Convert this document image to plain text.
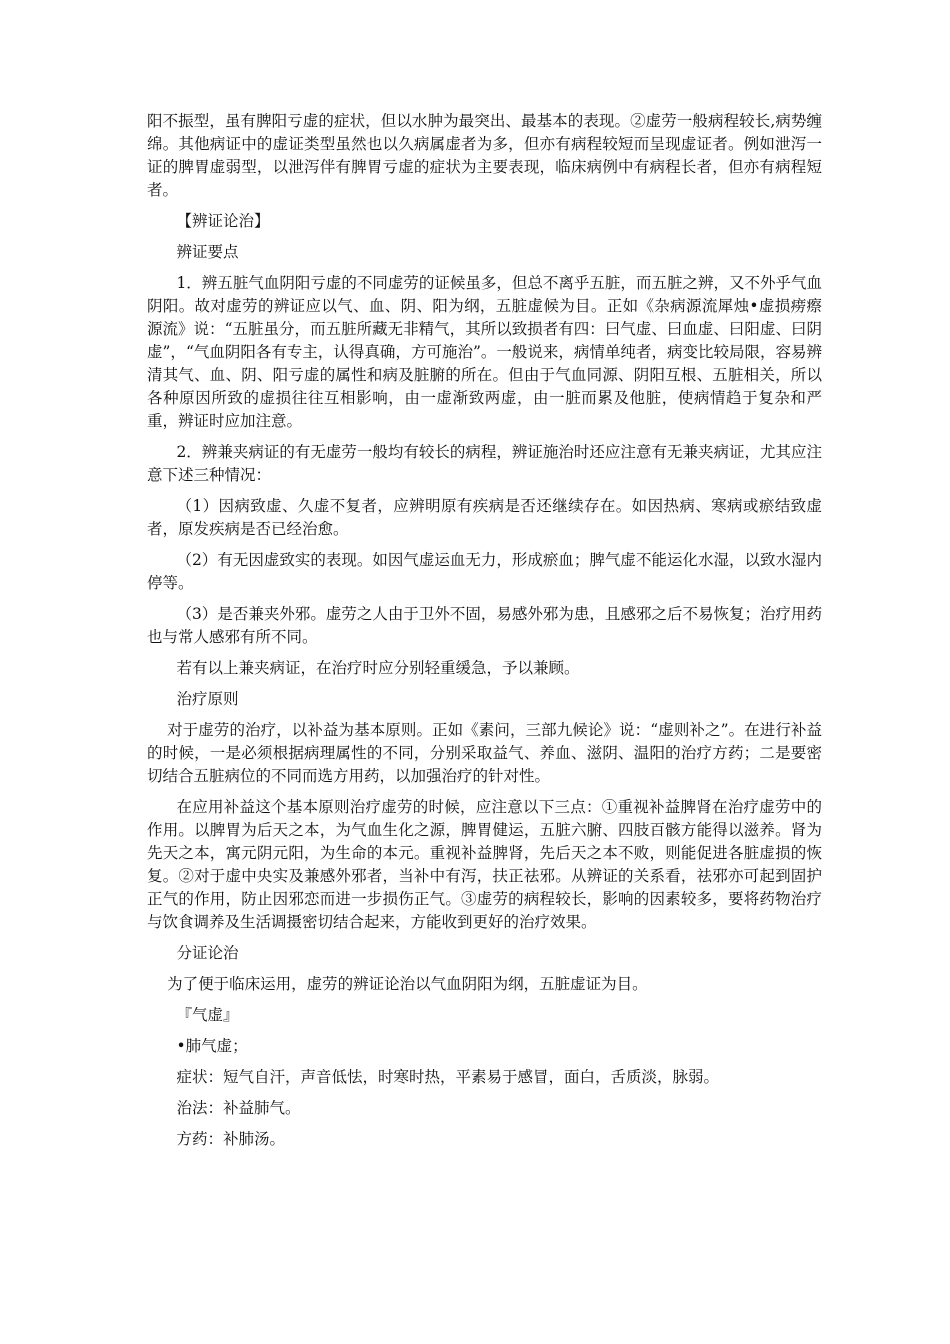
阳不振型，虽有脾阳亏虚的症状，但以水肿为最突出、最基本的表现。②虚劳一般病程较长,病势缠绵。其他病证中的虚证类型虽然也以久病属虚者为多，但亦有病程较短而呈现虚证者。例如泄泻一证的脾胃虚弱型，以泄泻伴有脾胃亏虚的症状为主要表现，临床病例中有病程长者，但亦有病程短者。

【辨证论治】

辨证要点

1．辨五脏气血阴阳亏虚的不同虚劳的证候虽多，但总不离乎五脏，而五脏之辨，又不外乎气血阴阳。故对虚劳的辨证应以气、血、阴、阳为纲，五脏虚候为目。正如《杂病源流犀烛•虚损痨瘵源流》说：“五脏虽分，而五脏所藏无非精气，其所以致损者有四：曰气虚、曰血虚、曰阳虚、曰阴虚”，“气血阴阳各有专主，认得真确，方可施治”。一般说来，病情单纯者，病变比较局限，容易辨清其气、血、阴、阳亏虚的属性和病及脏腑的所在。但由于气血同源、阴阳互根、五脏相关，所以各种原因所致的虚损往往互相影响，由一虚渐致两虚，由一脏而累及他脏，使病情趋于复杂和严重，辨证时应加注意。

2．辨兼夹病证的有无虚劳一般均有较长的病程，辨证施治时还应注意有无兼夹病证，尤其应注意下述三种情况：

（1）因病致虚、久虚不复者，应辨明原有疾病是否还继续存在。如因热病、寒病或瘀结致虚者，原发疾病是否已经治愈。

（2）有无因虚致实的表现。如因气虚运血无力，形成瘀血；脾气虚不能运化水湿，以致水湿内停等。

（3）是否兼夹外邪。虚劳之人由于卫外不固，易感外邪为患，且感邪之后不易恢复；治疗用药也与常人感邪有所不同。

若有以上兼夹病证，在治疗时应分别轻重缓急，予以兼顾。

治疗原则

对于虚劳的治疗，以补益为基本原则。正如《素问，三部九候论》说：“虚则补之”。在进行补益的时候，一是必须根据病理属性的不同，分别采取益气、养血、滋阴、温阳的治疗方药；二是要密切结合五脏病位的不同而选方用药，以加强治疗的针对性。

在应用补益这个基本原则治疗虚劳的时候，应注意以下三点：①重视补益脾肾在治疗虚劳中的作用。以脾胃为后天之本，为气血生化之源，脾胃健运，五脏六腑、四肢百骸方能得以滋养。肾为先天之本，寓元阴元阳，为生命的本元。重视补益脾肾，先后天之本不败，则能促进各脏虚损的恢复。②对于虚中央实及兼感外邪者，当补中有泻，扶正祛邪。从辨证的关系看，祛邪亦可起到固护正气的作用，防止因邪恋而进一步损伤正气。③虚劳的病程较长，影响的因素较多，要将药物治疗与饮食调养及生活调摄密切结合起来，方能收到更好的治疗效果。

分证论治

为了便于临床运用，虚劳的辨证论治以气血阴阳为纲，五脏虚证为目。

『气虚』

•肺气虚；

症状：短气自汗，声音低怯，时寒时热，平素易于感冒，面白，舌质淡，脉弱。

治法：补益肺气。

方药：补肺汤。
